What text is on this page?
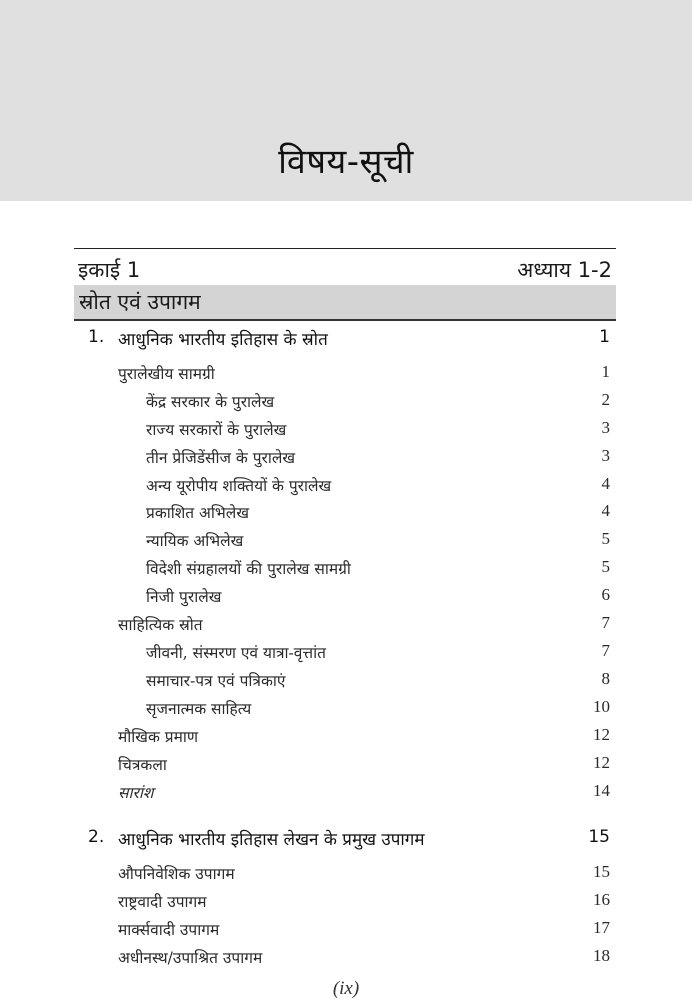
विषय-सूची
इकाई 1	अध्याय 1-2
स्रोत एवं उपागम
1. आधुनिक भारतीय इतिहास के स्रोत	1
पुरालेखीय सामग्री	1
केंद्र सरकार के पुरालेख	2
राज्य सरकारों के पुरालेख	3
तीन प्रेजिडेंसीज के पुरालेख	3
अन्य यूरोपीय शक्तियों के पुरालेख	4
प्रकाशित अभिलेख	4
न्यायिक अभिलेख	5
विदेशी संग्रहालयों की पुरालेख सामग्री	5
निजी पुरालेख	6
साहित्यिक स्रोत	7
जीवनी, संस्मरण एवं यात्रा-वृत्तांत	7
समाचार-पत्र एवं पत्रिकाएं	8
सृजनात्मक साहित्य	10
मौखिक प्रमाण	12
चित्रकला	12
सारांश	14
2. आधुनिक भारतीय इतिहास लेखन के प्रमुख उपागम	15
औपनिवेशिक उपागम	15
राष्ट्रवादी उपागम	16
मार्क्सवादी उपागम	17
अधीनस्थ/उपाश्रित उपागम	18
(ix)
